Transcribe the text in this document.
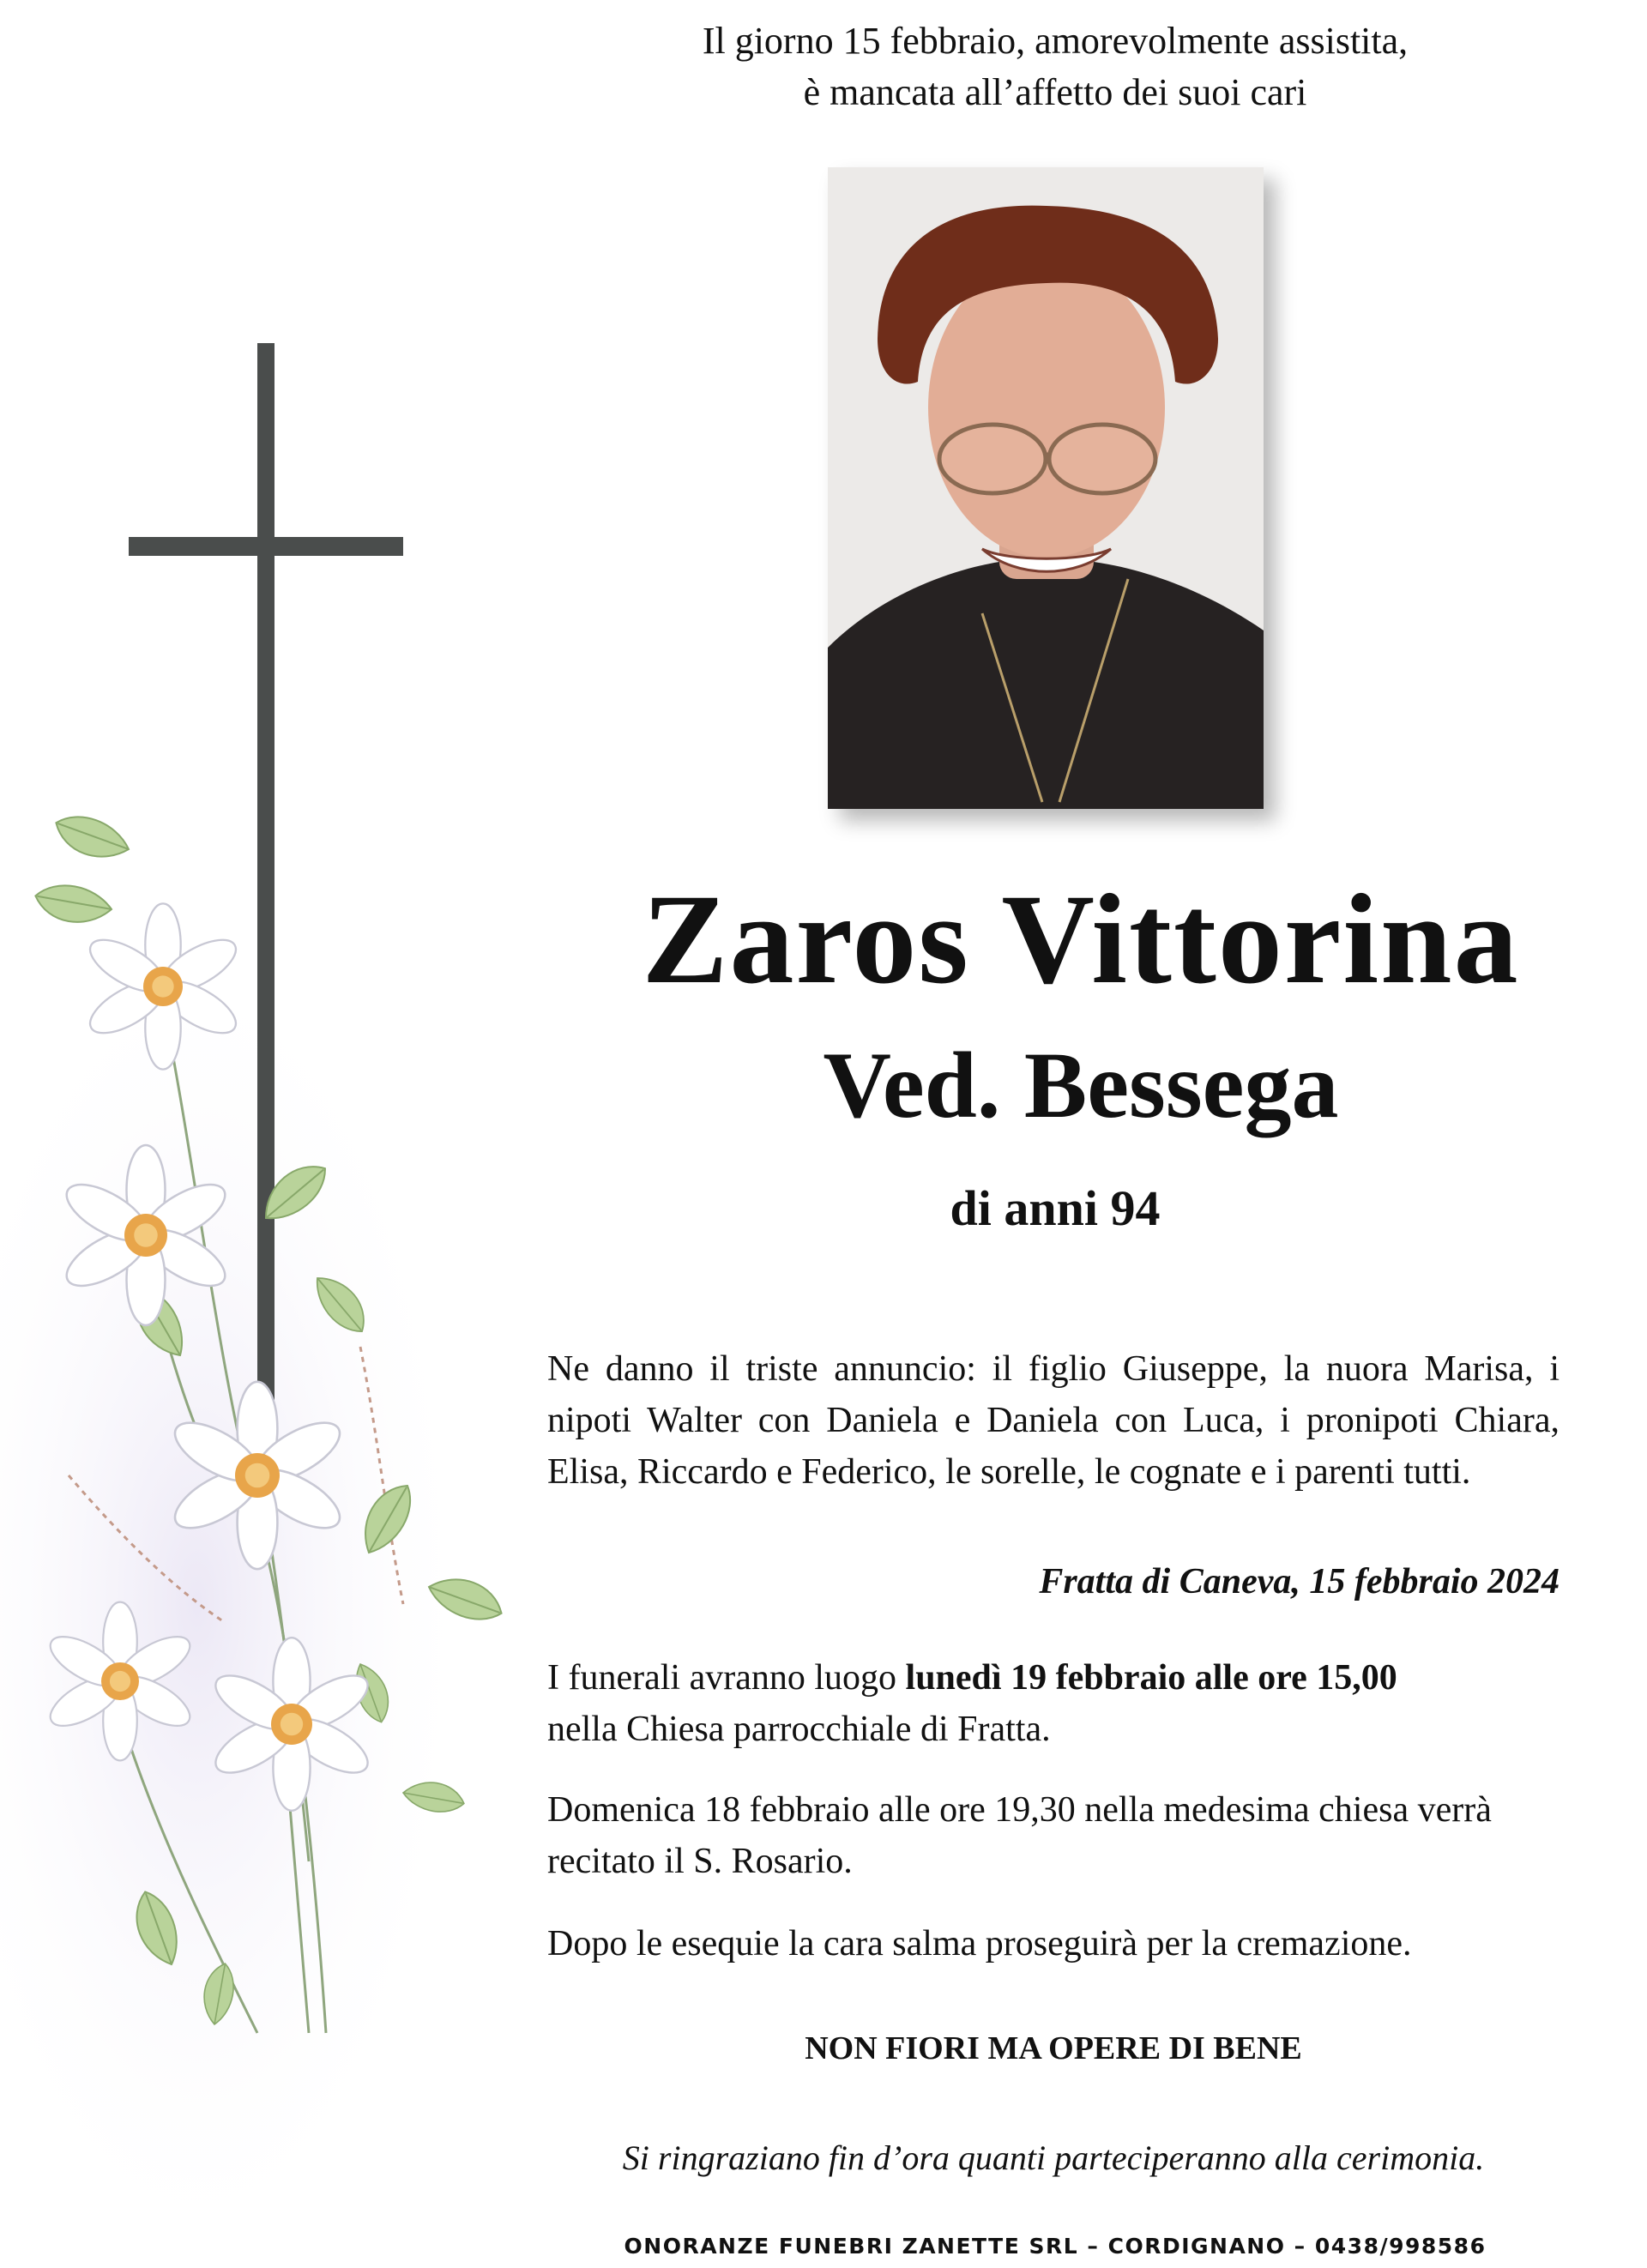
Il giorno 15 febbraio, amorevolmente assistita,
è mancata all’affetto dei suoi cari
Zaros Vittorina
Ved. Bessega
di anni 94
Ne danno il triste annuncio: il figlio Giuseppe, la nuora Marisa, i nipoti Walter con Daniela e Daniela con Luca, i pronipoti Chiara, Elisa, Riccardo e Federico, le sorelle, le cognate e i parenti tutti.
Fratta di Caneva, 15 febbraio 2024
I funerali avranno luogo lunedì 19 febbraio alle ore 15,00
nella Chiesa parrocchiale di Fratta.
Domenica 18 febbraio alle ore 19,30 nella medesima chiesa verrà recitato il S. Rosario.
Dopo le esequie la cara salma proseguirà per la cremazione.
NON FIORI MA OPERE DI BENE
Si ringraziano fin d’ora quanti parteciperanno alla cerimonia.
ONORANZE FUNEBRI ZANETTE SRL – CORDIGNANO – 0438/998586
